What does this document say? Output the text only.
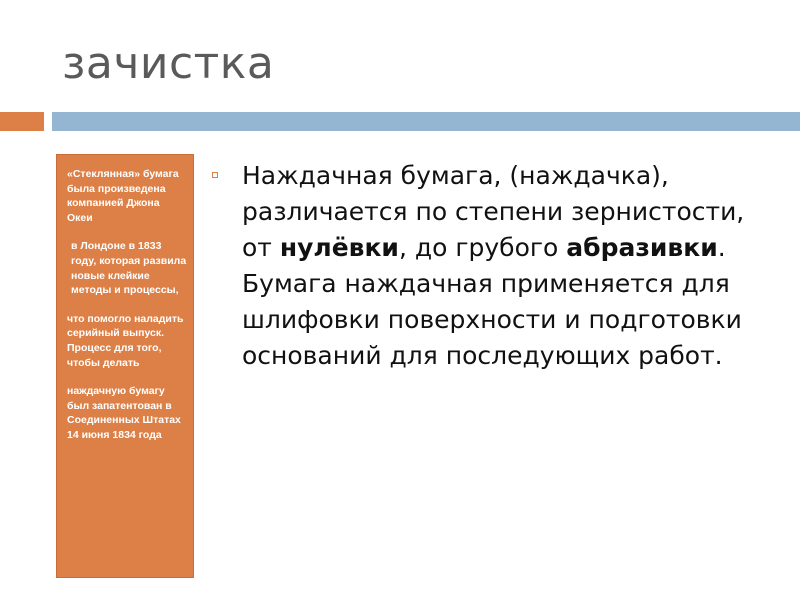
зачистка

«Стеклянная» бумага была произведена компанией Джона Океи

в Лондоне в 1833 году, которая развила новые клейкие методы и процессы,

что помогло наладить серийный выпуск. Процесс для того, чтобы делать

наждачную бумагу был запатентован в Соединенных Штатах 14 июня 1834 года

Наждачная бумага, (наждачка), различается по степени зернистости, от нулёвки, до грубого абразивки.
Бумага наждачная применяется для шлифовки поверхности и подготовки оснований для последующих работ.
